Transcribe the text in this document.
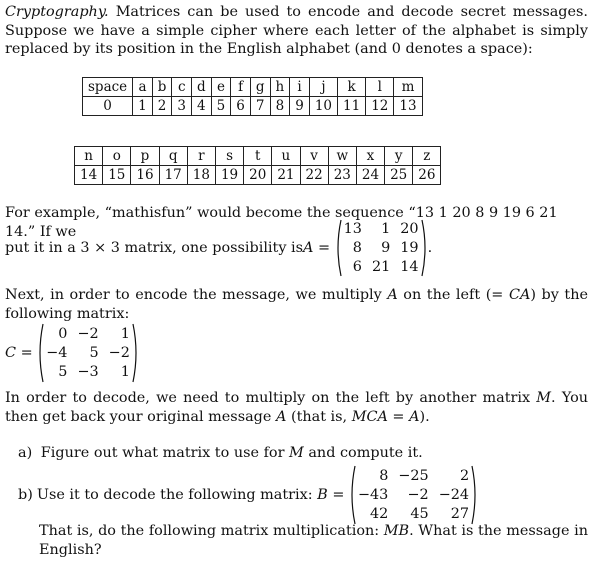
Cryptography. Matrices can be used to encode and decode secret messages. Suppose we have a simple cipher where each letter of the alphabet is simply replaced by its position in the English alphabet (and 0 denotes a space):

space	a	b	c	d	e	f	g	h	i	j	k	l	m
0	1	2	3	4	5	6	7	8	9	10	11	12	13
n	o	p	q	r	s	t	u	v	w	x	y	z
14	15	16	17	18	19	20	21	22	23	24	25	26

For example, “mathisfun” would become the sequence “13 1 20 8 9 19 6 21 14.” If we

put it in a 3 × 3 matrix, one possibility is A =
13	1 20
8	9 19
6 21 14
.

Next, in order to encode the message, we multiply A on the left (= CA) by the following matrix:

C =
0 −2	1
−4	5 −2
5 −3	1

In order to decode, we need to multiply on the left by another matrix M. You then get back your original message A (that is, MCA = A).

a) Figure out what matrix to use for M and compute it.
b) Use it to decode the following matrix: B =
8 −25	2
−43	−2 −24
42	45	27

That is, do the following matrix multiplication: MB. What is the message in English?
